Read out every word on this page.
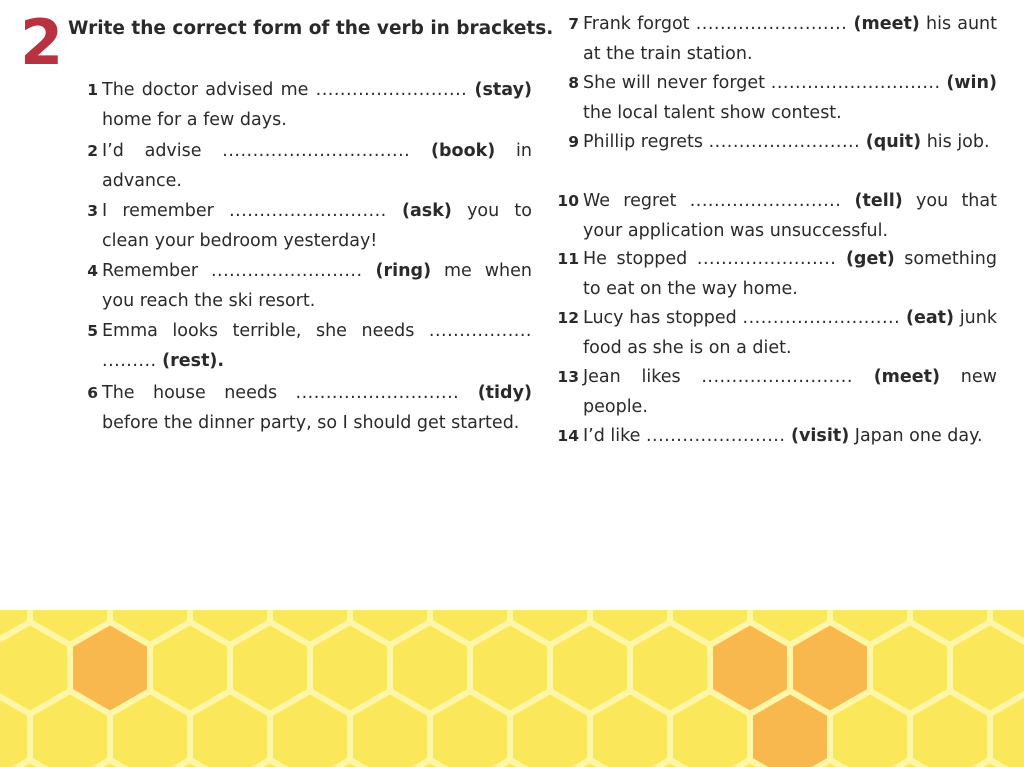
2 Write the correct form of the verb in brackets.
1 The doctor advised me ......................... (stay) home for a few days.
2 I’d advise ............................... (book) in advance.
3 I remember .......................... (ask) you to clean your bedroom yesterday!
4 Remember ......................... (ring) me when you reach the ski resort.
5 Emma looks terrible, she needs ................. ......... (rest).
6 The house needs ........................... (tidy) before the dinner party, so I should get started.
7 Frank forgot ......................... (meet) his aunt at the train station.
8 She will never forget ............................ (win) the local talent show contest.
9 Phillip regrets ......................... (quit) his job.
10 We regret ......................... (tell) you that your application was unsuccessful.
11 He stopped ....................... (get) something to eat on the way home.
12 Lucy has stopped .......................... (eat) junk food as she is on a diet.
13 Jean likes ......................... (meet) new people.
14 I’d like ....................... (visit) Japan one day.
